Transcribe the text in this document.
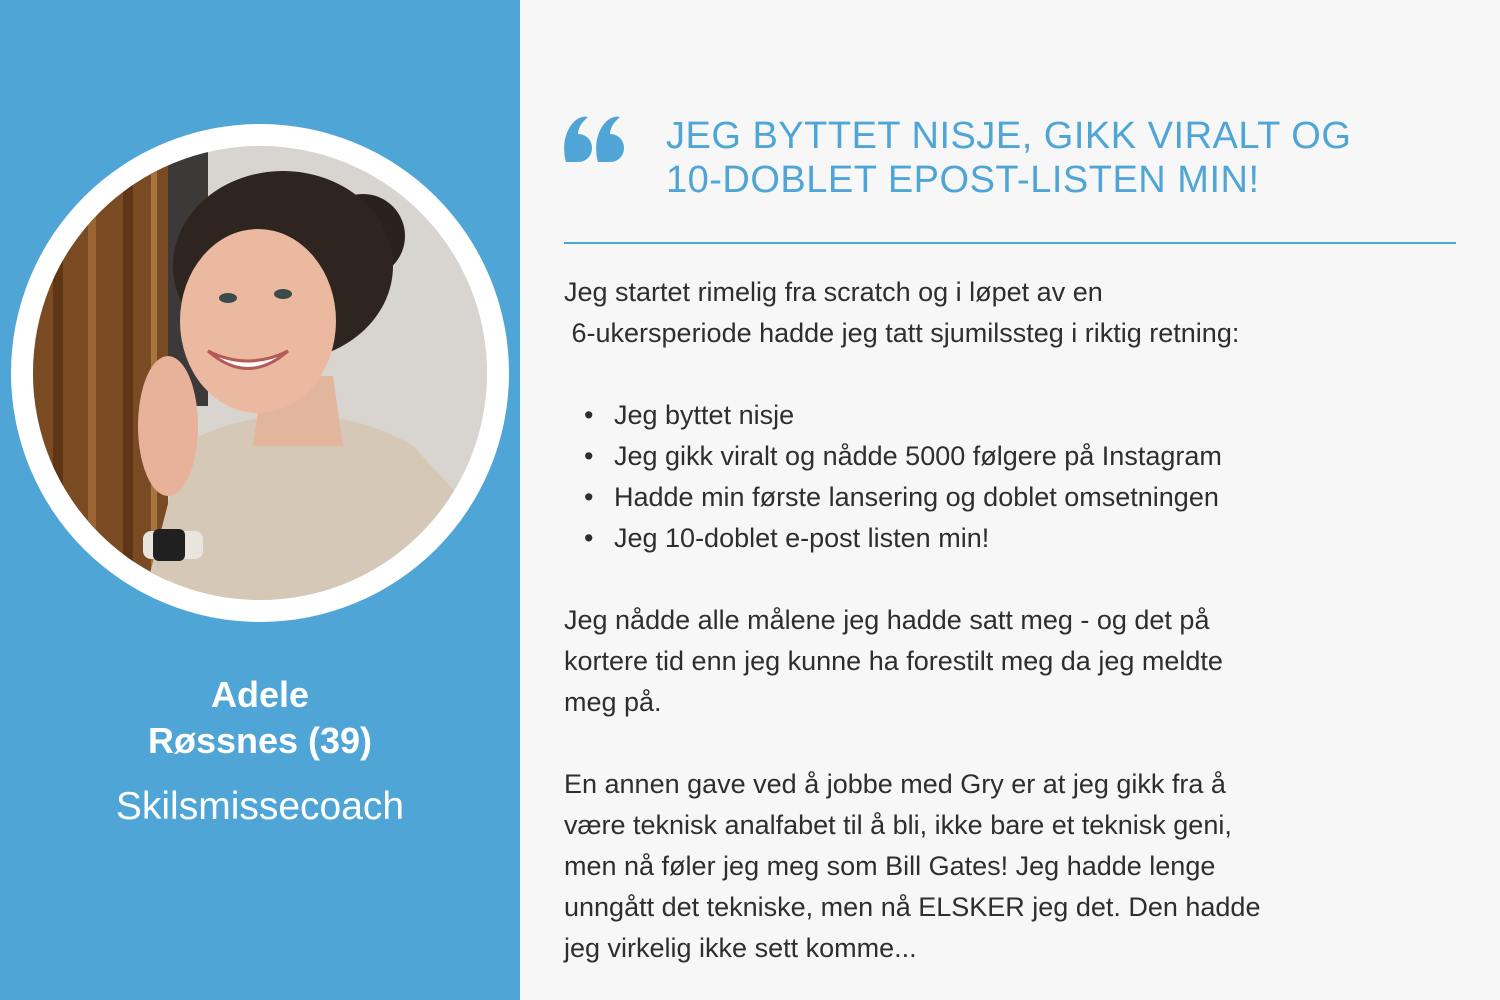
Adele
Røssnes (39)
Skilsmissecoach
JEG BYTTET NISJE, GIKK VIRALT OG
10-DOBLET EPOST-LISTEN MIN!

Jeg startet rimelig fra scratch og i løpet av en
6-ukersperiode hadde jeg tatt sjumilssteg i riktig retning:

• Jeg byttet nisje
• Jeg gikk viralt og nådde 5000 følgere på Instagram
• Hadde min første lansering og doblet omsetningen
• Jeg 10-doblet e-post listen min!

Jeg nådde alle målene jeg hadde satt meg - og det på
kortere tid enn jeg kunne ha forestilt meg da jeg meldte
meg på.

En annen gave ved å jobbe med Gry er at jeg gikk fra å
være teknisk analfabet til å bli, ikke bare et teknisk geni,
men nå føler jeg meg som Bill Gates! Jeg hadde lenge
unngått det tekniske, men nå ELSKER jeg det. Den hadde
jeg virkelig ikke sett komme...
